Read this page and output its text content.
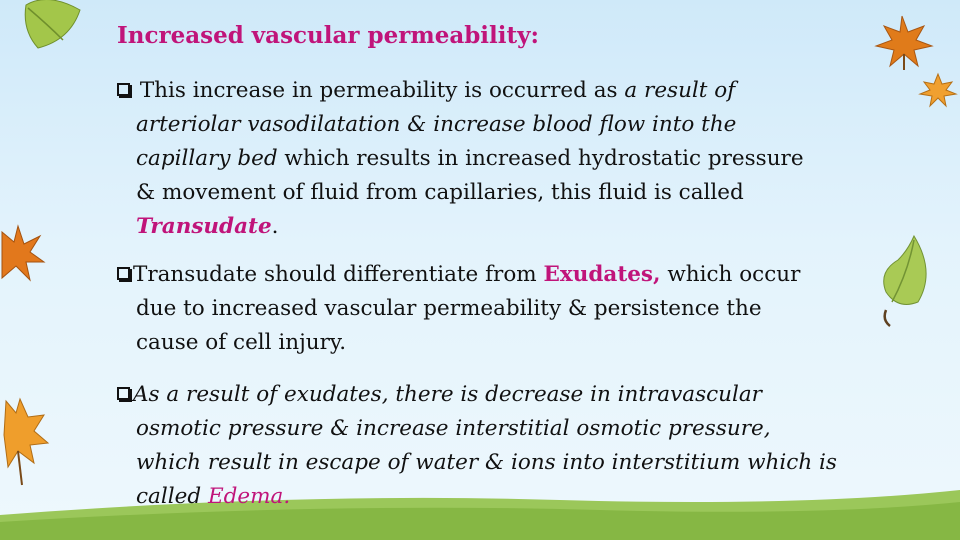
Increased vascular permeability:
This increase in permeability is occurred as a result of
arteriolar vasodilatation & increase blood flow into the
capillary bed which results in increased hydrostatic pressure
& movement of fluid from capillaries, this fluid is called
Transudate.
Transudate should differentiate from Exudates, which occur
due to increased vascular permeability & persistence the
cause of cell injury.
As a result of exudates, there is decrease in intravascular
osmotic pressure & increase interstitial osmotic pressure,
which result in escape of water & ions into interstitium which is
called Edema.
